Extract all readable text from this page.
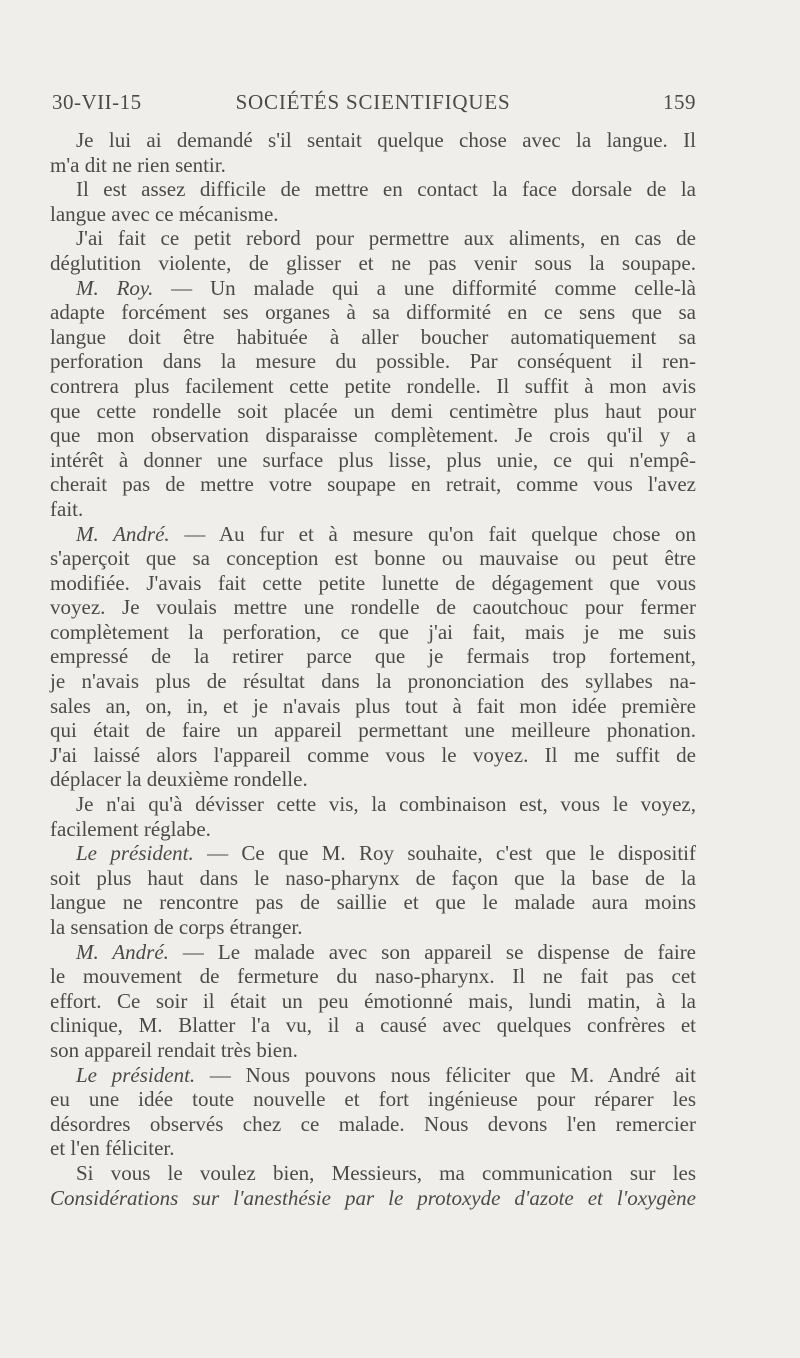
30-VII-15	SOCIÉTÉS SCIENTIFIQUES	159
Je lui ai demandé s'il sentait quelque chose avec la langue. Il
m'a dit ne rien sentir.
Il est assez difficile de mettre en contact la face dorsale de la
langue avec ce mécanisme.
J'ai fait ce petit rebord pour permettre aux aliments, en cas de
déglutition violente, de glisser et ne pas venir sous la soupape.
M. Roy. — Un malade qui a une difformité comme celle-là
adapte forcément ses organes à sa difformité en ce sens que sa
langue doit être habituée à aller boucher automatiquement sa
perforation dans la mesure du possible. Par conséquent il ren-
contrera plus facilement cette petite rondelle. Il suffit à mon avis
que cette rondelle soit placée un demi centimètre plus haut pour
que mon observation disparaisse complètement. Je crois qu'il y a
intérêt à donner une surface plus lisse, plus unie, ce qui n'empê-
cherait pas de mettre votre soupape en retrait, comme vous l'avez
fait.
M. André. — Au fur et à mesure qu'on fait quelque chose on
s'aperçoit que sa conception est bonne ou mauvaise ou peut être
modifiée. J'avais fait cette petite lunette de dégagement que vous
voyez. Je voulais mettre une rondelle de caoutchouc pour fermer
complètement la perforation, ce que j'ai fait, mais je me suis
empressé de la retirer parce que je fermais trop fortement,
je n'avais plus de résultat dans la prononciation des syllabes na-
sales an, on, in, et je n'avais plus tout à fait mon idée première
qui était de faire un appareil permettant une meilleure phonation.
J'ai laissé alors l'appareil comme vous le voyez. Il me suffit de
déplacer la deuxième rondelle.
Je n'ai qu'à dévisser cette vis, la combinaison est, vous le voyez,
facilement réglabe.
Le président. — Ce que M. Roy souhaite, c'est que le dispositif
soit plus haut dans le naso-pharynx de façon que la base de la
langue ne rencontre pas de saillie et que le malade aura moins
la sensation de corps étranger.
M. André. — Le malade avec son appareil se dispense de faire
le mouvement de fermeture du naso-pharynx. Il ne fait pas cet
effort. Ce soir il était un peu émotionné mais, lundi matin, à la
clinique, M. Blatter l'a vu, il a causé avec quelques confrères et
son appareil rendait très bien.
Le président. — Nous pouvons nous féliciter que M. André ait
eu une idée toute nouvelle et fort ingénieuse pour réparer les
désordres observés chez ce malade. Nous devons l'en remercier
et l'en féliciter.
Si vous le voulez bien, Messieurs, ma communication sur les
Considérations sur l'anesthésie par le protoxyde d'azote et l'oxygène
